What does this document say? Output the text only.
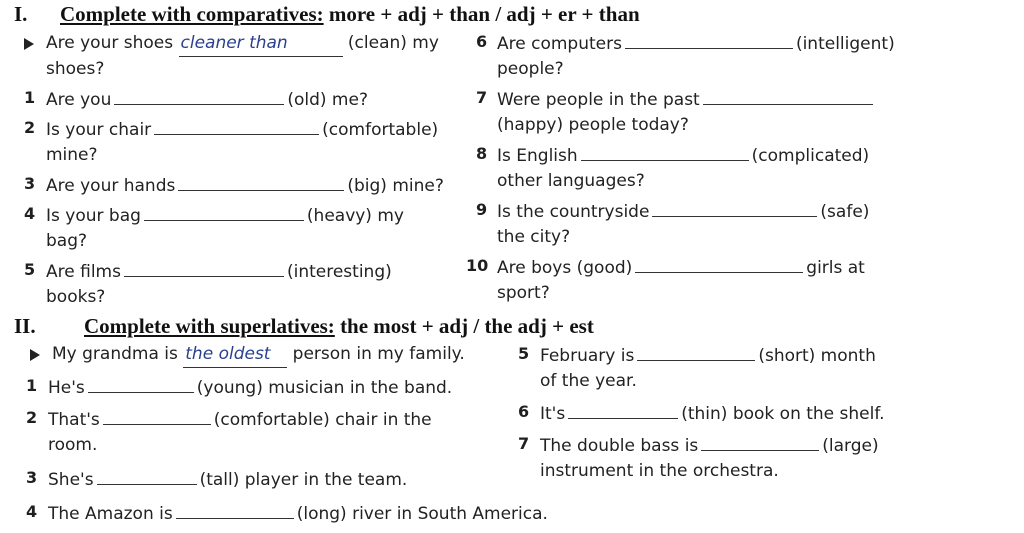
I. Complete with comparatives: more + adj + than / adj + er + than
Are your shoes cleaner than	(clean) my
shoes?
1 Are you	(old) me?
2 Is your chair	(comfortable)
mine?
3 Are your hands	(big) mine?
4 Is your bag	(heavy) my
bag?
5 Are films	(interesting)
books?
6 Are computers	(intelligent)
people?
7 Were people in the past
(happy) people today?
8 Is English	(complicated)
other languages?
9 Is the countryside	(safe)
the city?
10 Are boys (good)	girls at
sport?
II. Complete with superlatives: the most + adj / the adj + est
My grandma is the oldest person in my family.
1 He's	(young) musician in the band.
2 That's	(comfortable) chair in the
room.
3 She's	(tall) player in the team.
4 The Amazon is	(long) river in South America.
5 February is	(short) month
of the year.
6 It's	(thin) book on the shelf.
7 The double bass is	(large)
instrument in the orchestra.
